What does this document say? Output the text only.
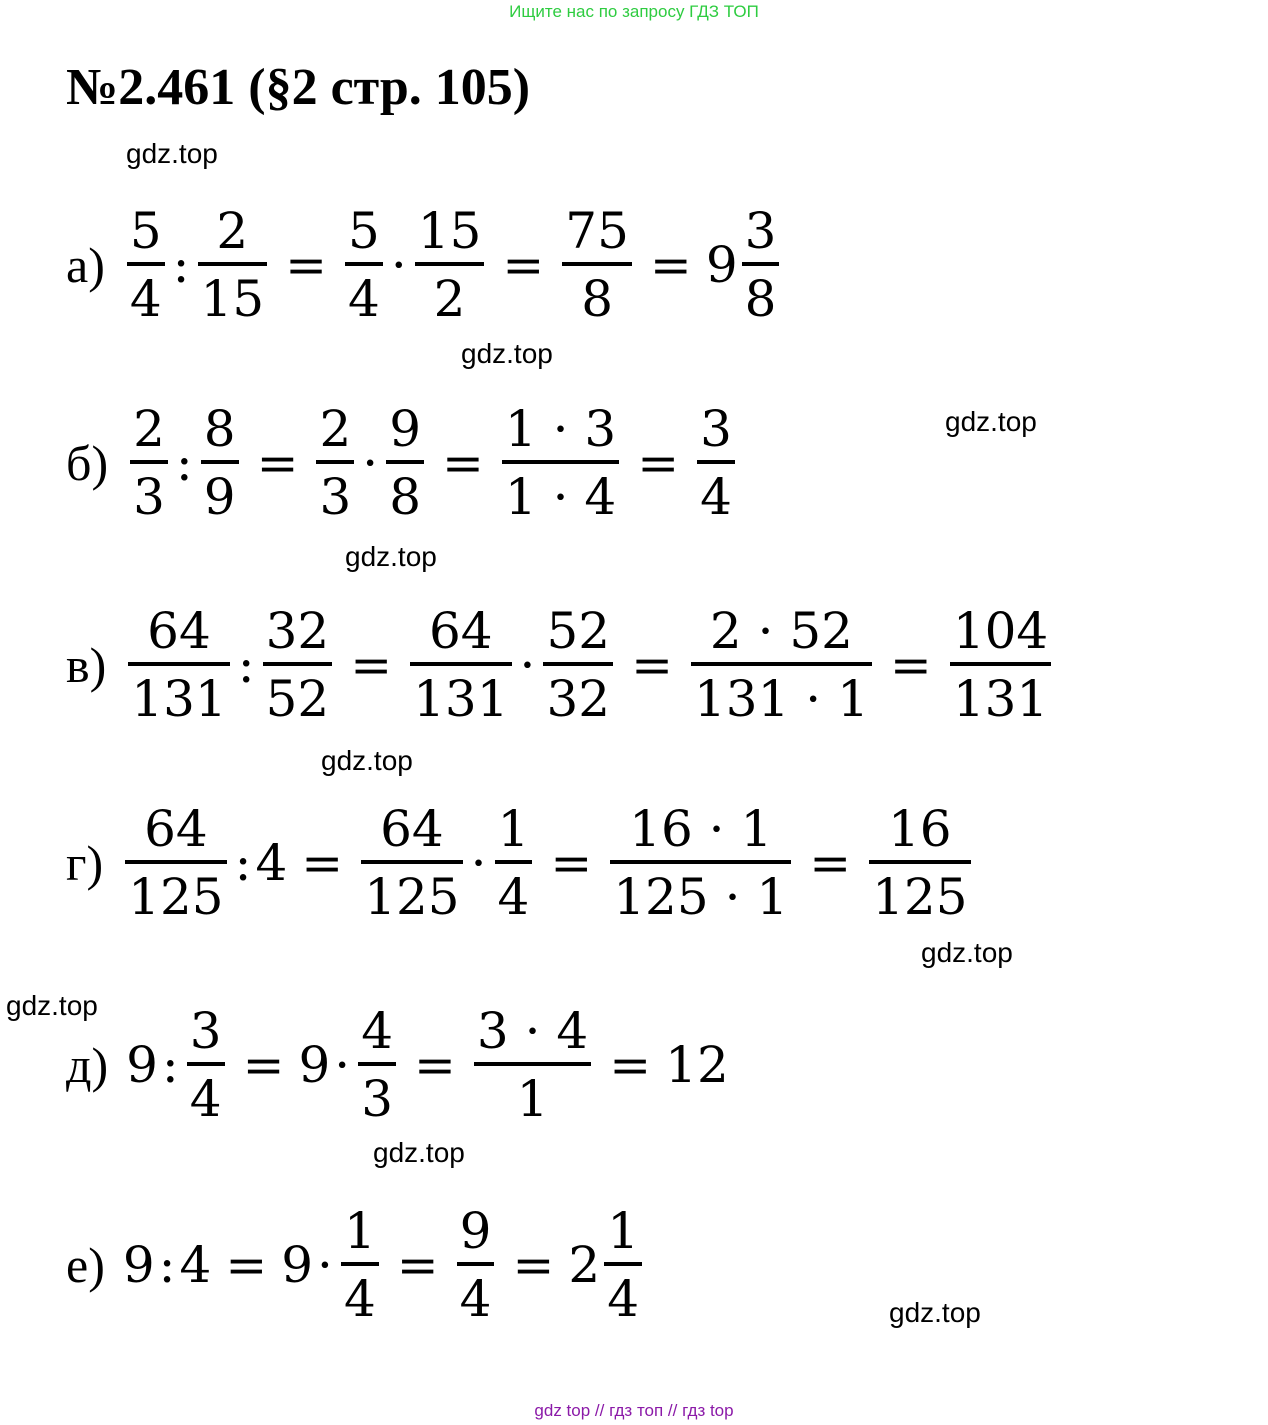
Ищите нас по запросу ГДЗ ТОП
№2.461 (§2 стр. 105)
gdz.top
gdz.top
gdz.top
gdz.top
gdz.top
gdz.top
gdz.top
gdz.top
gdz.top
$а) \frac{5}{4}$ : $\frac{2}{15} = \frac{5}{4} \cdot \frac{15}{2} = \frac{75}{8} = 9 \frac{3}{8}$
$б) \frac{2}{3}$ : $\frac{8}{9} = \frac{2}{3} \cdot \frac{9}{8} = \frac{1 \cdot 3}{1 \cdot 4} = \frac{3}{4}$
$в) \frac{64}{131}$ : $\frac{32}{52} = \frac{64}{131} \cdot \frac{52}{32} = \frac{2 \cdot 52}{131 \cdot 1} = \frac{104}{131}$
$г) \frac{64}{125}$ : $4 = \frac{64}{125} \cdot \frac{1}{4} = \frac{16 \cdot 1}{125 \cdot 1} = \frac{16}{125}$
д) 9 : $\frac{3}{4} = 9 \cdot \frac{4}{3} = \frac{3 \cdot 4}{1} = 12$
е) 9 : $4 = 9 \cdot \frac{1}{4} = \frac{9}{4} = 2 \frac{1}{4}$
gdz top // гдз топ // гдз top
